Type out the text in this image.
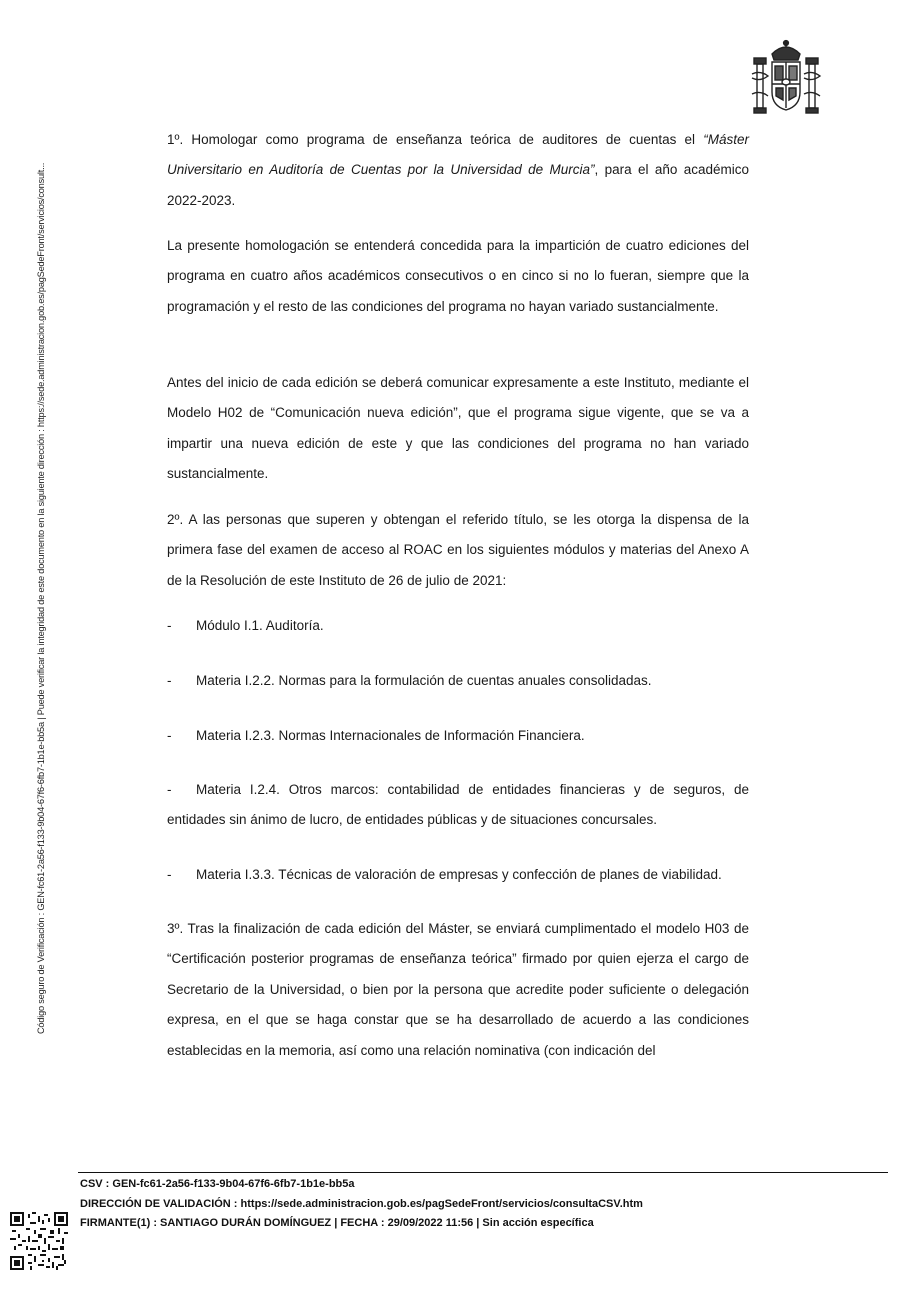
Código seguro de Verificación : GEN-fc61-2a56-f133-9b04-67f6-6fb7-1b1e-bb5a | Puede verificar la integridad de este documento en la siguiente dirección : https://sede.administracion.gob.es/pagSedeFront/servicios/consult...

1º. Homologar como programa de enseñanza teórica de auditores de cuentas el “Máster Universitario en Auditoría de Cuentas por la Universidad de Murcia”, para el año académico 2022-2023.

La presente homologación se entenderá concedida para la impartición de cuatro ediciones del programa en cuatro años académicos consecutivos o en cinco si no lo fueran, siempre que la programación y el resto de las condiciones del programa no hayan variado sustancialmente.

Antes del inicio de cada edición se deberá comunicar expresamente a este Instituto, mediante el Modelo H02 de “Comunicación nueva edición”, que el programa sigue vigente, que se va a impartir una nueva edición de este y que las condiciones del programa no han variado sustancialmente.

2º. A las personas que superen y obtengan el referido título, se les otorga la dispensa de la primera fase del examen de acceso al ROAC en los siguientes módulos y materias del Anexo A de la Resolución de este Instituto de 26 de julio de 2021:

-	Módulo I.1. Auditoría.
-	Materia I.2.2. Normas para la formulación de cuentas anuales consolidadas.
-	Materia I.2.3. Normas Internacionales de Información Financiera.
-	Materia I.2.4. Otros marcos: contabilidad de entidades financieras y de seguros, de entidades sin ánimo de lucro, de entidades públicas y de situaciones concursales.
-	Materia I.3.3. Técnicas de valoración de empresas y confección de planes de viabilidad.

3º. Tras la finalización de cada edición del Máster, se enviará cumplimentado el modelo H03 de “Certificación posterior programas de enseñanza teórica” firmado por quien ejerza el cargo de Secretario de la Universidad, o bien por la persona que acredite poder suficiente o delegación expresa, en el que se haga constar que se ha desarrollado de acuerdo a las condiciones establecidas en la memoria, así como una relación nominativa (con indicación del

CSV : GEN-fc61-2a56-f133-9b04-67f6-6fb7-1b1e-bb5a
DIRECCIÓN DE VALIDACIÓN : https://sede.administracion.gob.es/pagSedeFront/servicios/consultaCSV.htm
FIRMANTE(1) : SANTIAGO DURÁN DOMÍNGUEZ | FECHA : 29/09/2022 11:56 | Sin acción específica
